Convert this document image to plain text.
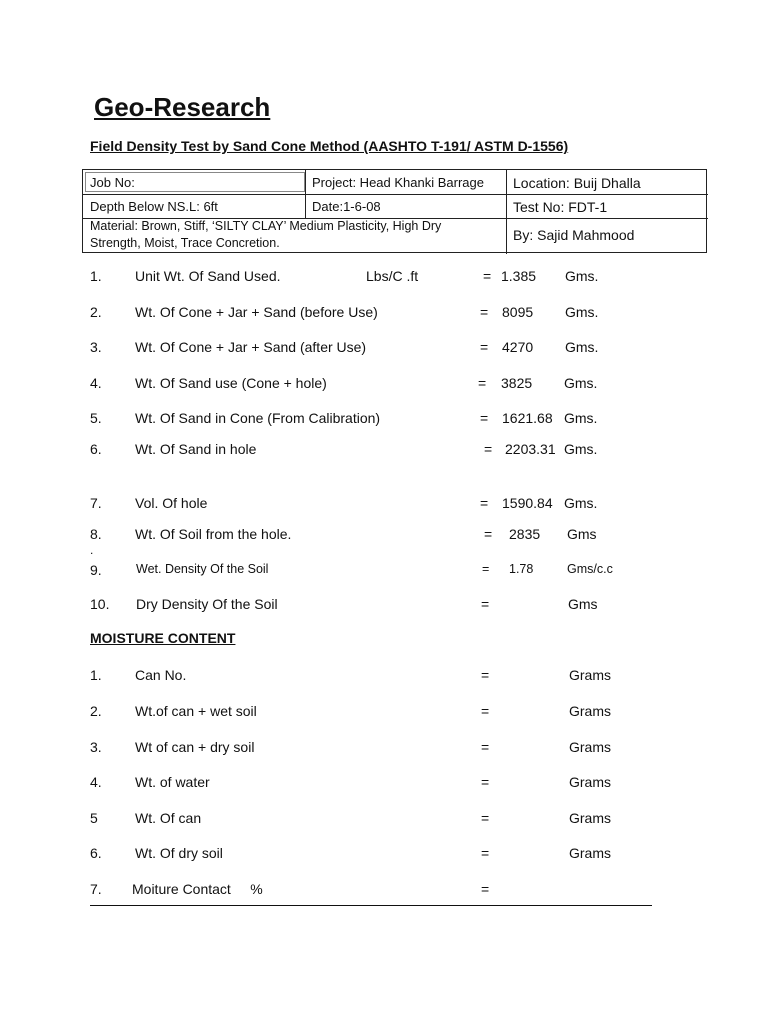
Geo-Research
Field Density Test by Sand Cone Method (AASHTO T-191/ ASTM D-1556)
Job No:	Project: Head Khanki Barrage Location: Buij Dhalla
Depth Below NS.L: 6ft	Date:1-6-08	Test No: FDT-1
Material: Brown, Stiff, ‘SILTY CLAY’ Medium Plasticity, High Dry
Strength, Moist, Trace Concretion.	By: Sajid Mahmood
1. Unit Wt. Of Sand Used.	Lbs/C .ft	= 1.385 Gms.
2. Wt. Of Cone + Jar + Sand (before Use)	= 8095 Gms.
3. Wt. Of Cone + Jar + Sand (after Use)	= 4270 Gms.
4. Wt. Of Sand use (Cone + hole)	= 3825 Gms.
5. Wt. Of Sand in Cone (From Calibration)	= 1621.68 Gms.
6. Wt. Of Sand in hole	= 2203.31 Gms.
7. Vol. Of hole	= 1590.84 Gms.
8. Wt. Of Soil from the hole.	= 2835 Gms
.
9.	Wet. Density Of the Soil	= 1.78	Gms/c.c
10. Dry Density Of the Soil	=	Gms
MOISTURE CONTENT
1. Can No.	=	Grams
2. Wt.of can + wet soil	=	Grams
3. Wt of can + dry soil	=	Grams
4. Wt. of water	=	Grams
5	Wt. Of can	=	Grams
6. Wt. Of dry soil	=	Grams
7. Moiture Contact     %	=
